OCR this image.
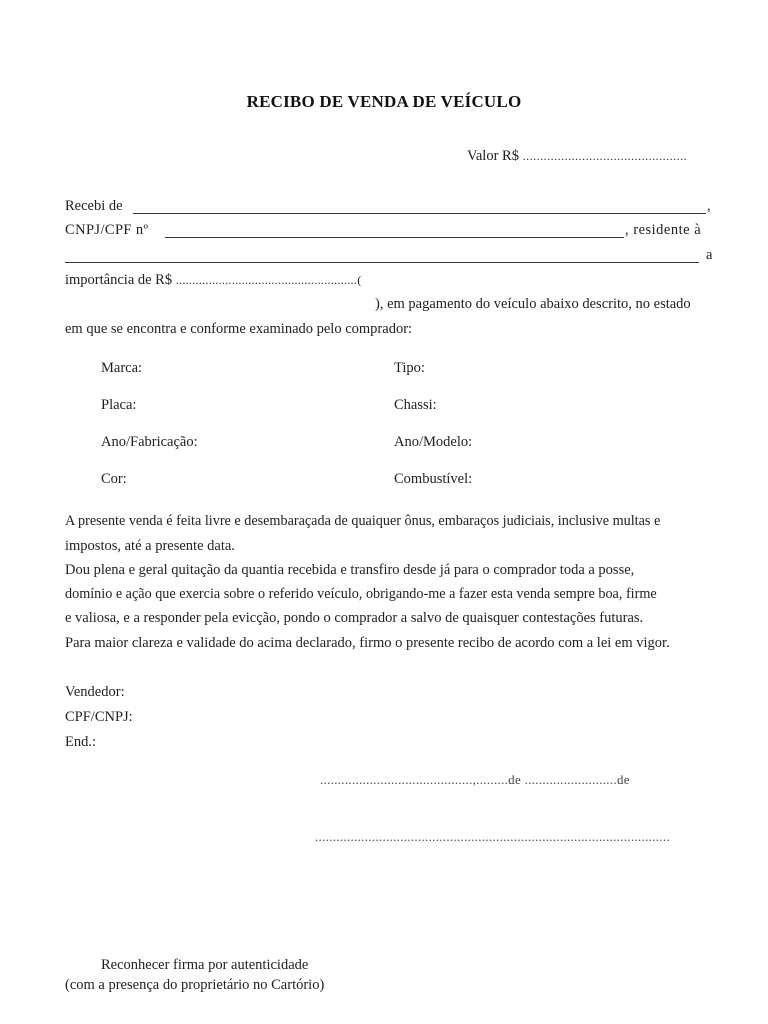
RECIBO DE VENDA DE VEÍCULO
Valor R$ ...............................................
Recebi de	,
CNPJ/CPF nº	, residente à
a
importância de R$ .......................................................(
), em pagamento do veículo abaixo descrito, no estado
em que se encontra e conforme examinado pelo comprador:
Marca:	Tipo:
Placa:	Chassi:
Ano/Fabricação:	Ano/Modelo:
Cor:	Combustível:
A presente venda é feita livre e desembaraçada de quaiquer ônus, embaraços judiciais, inclusive multas e
impostos, até a presente data.
Dou plena e geral quitação da quantia recebida e transfiro desde já para o comprador toda a posse,
domínio e ação que exercia sobre o referido veículo, obrigando-me a fazer esta venda sempre boa, firme
e valiosa, e a responder pela evicção, pondo o comprador a salvo de quaisquer contestações futuras.
Para maior clareza e validade do acima declarado, firmo o presente recibo de acordo com a lei em vigor.
Vendedor:
CPF/CNPJ:
End.:
...........................................,.........de ..........................de
....................................................................................................
Reconhecer firma por autenticidade
(com a presença do proprietário no Cartório)
